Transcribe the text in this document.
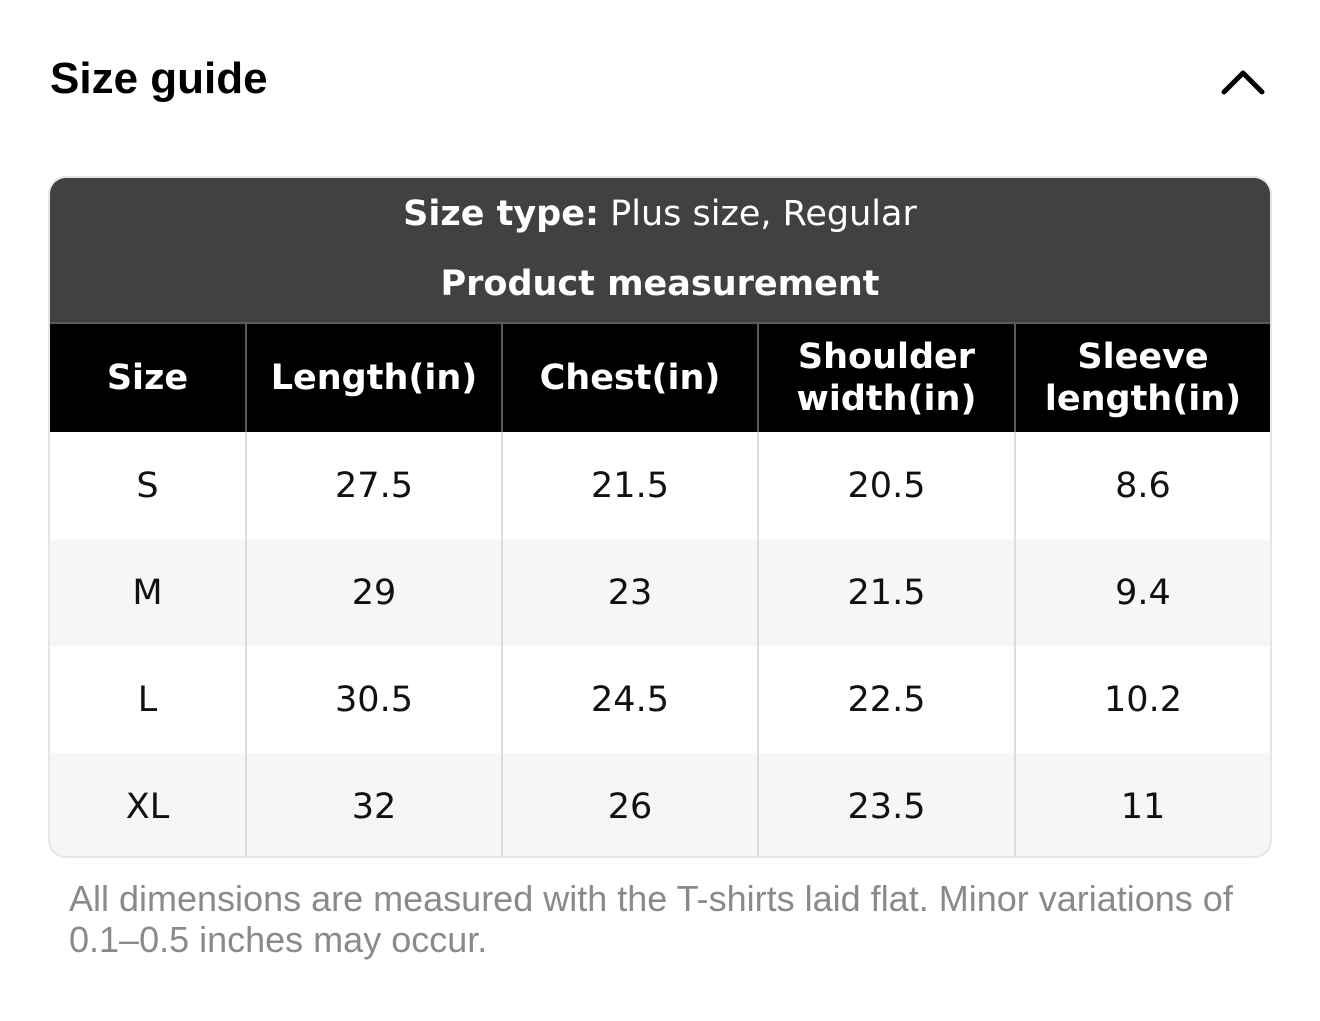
Size guide
Size type: Plus size, Regular
Product measurement
Size	Length(in)	Chest(in)	Shoulder width(in)	Sleeve length(in)
S	27.5	21.5	20.5	8.6
M	29	23	21.5	9.4
L	30.5	24.5	22.5	10.2
XL	32	26	23.5	11
All dimensions are measured with the T-shirts laid flat. Minor variations of 0.1–0.5 inches may occur.
